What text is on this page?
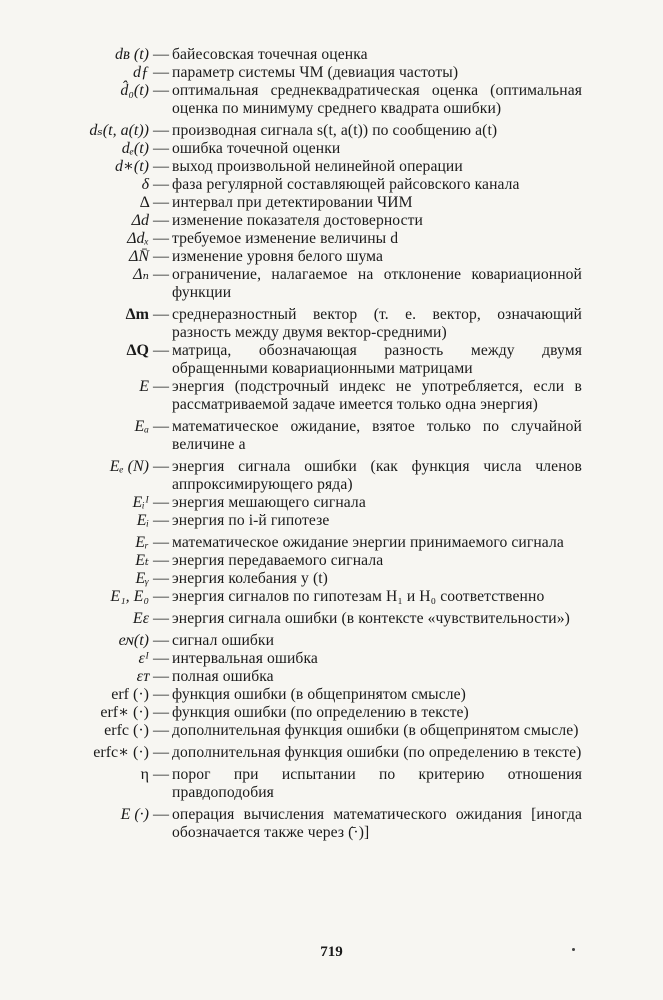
dʙ (t) — байесовская точечная оценка
dƒ — параметр системы ЧМ (девиация частоты)
d̂₀(t) — оптимальная среднеквадратическая оценка (оптимальная оценка по минимуму среднего квадрата ошибки)
dₛ(t, a(t)) — производная сигнала s(t, a(t)) по сообщению a(t)
dₑ(t) — ошибка точечной оценки
d∗(t) — выход произвольной нелинейной операции
δ — фаза регулярной составляющей райсовского канала
Δ — интервал при детектировании ЧИМ
Δd — изменение показателя достоверности
Δdₓ — требуемое изменение величины d
ΔN̄ — изменение уровня белого шума
Δₙ — ограничение, налагаемое на отклонение ковариационной функции
Δm — среднеразностный вектор (т. е. вектор, означающий разность между двумя вектор-средними)
ΔQ — матрица, обозначающая разность между двумя обращенными ковариационными матрицами
E — энергия (подстрочный индекс не употребляется, если в рассматриваемой задаче имеется только одна энергия)
Eₐ — математическое ожидание, взятое только по случайной величине a
Eₑ (N) — энергия сигнала ошибки (как функция числа членов аппроксимирующего ряда)
Eᵢᴵ — энергия мешающего сигнала
Eᵢ — энергия по i-й гипотезе
Eᵣ — математическое ожидание энергии принимаемого сигнала
Eₜ — энергия передаваемого сигнала
Eᵧ — энергия колебания y (t)
E₁, E₀ — энергия сигналов по гипотезам H₁ и H₀ соответственно
Eε — энергия сигнала ошибки (в контексте «чувствительности»)
eɴ(t) — сигнал ошибки
εᴵ — интервальная ошибка
εᴛ — полная ошибка
erf (·) — функция ошибки (в общепринятом смысле)
erf∗ (·) — функция ошибки (по определению в тексте)
erfc (·) — дополнительная функция ошибки (в общепринятом смысле)
erfc∗ (·) — дополнительная функция ошибки (по определению в тексте)
η — порог при испытании по критерию отношения правдоподобия
E (·) — операция вычисления математического ожидания [иногда обозначается также через (̄·)]
719
